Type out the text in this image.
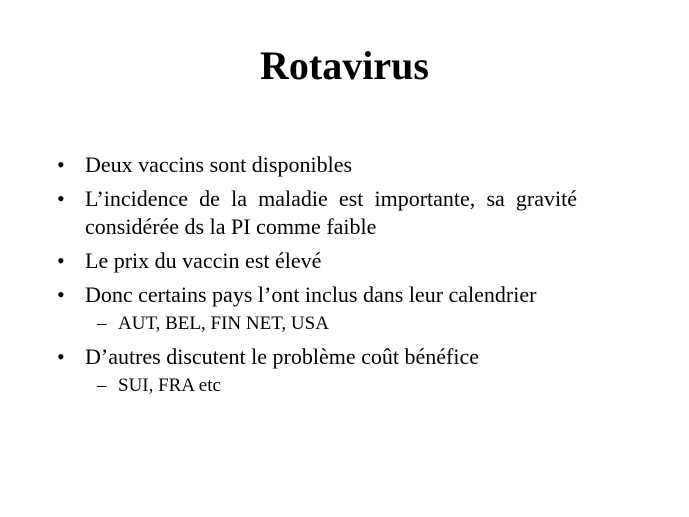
Rotavirus
• Deux vaccins sont disponibles
• L’incidence de la maladie est importante, sa gravité considérée ds la PI comme faible
• Le prix du vaccin est élevé
• Donc certains pays l’ont inclus dans leur calendrier
– AUT, BEL, FIN NET, USA
• D’autres discutent le problème coût bénéfice
– SUI, FRA etc
